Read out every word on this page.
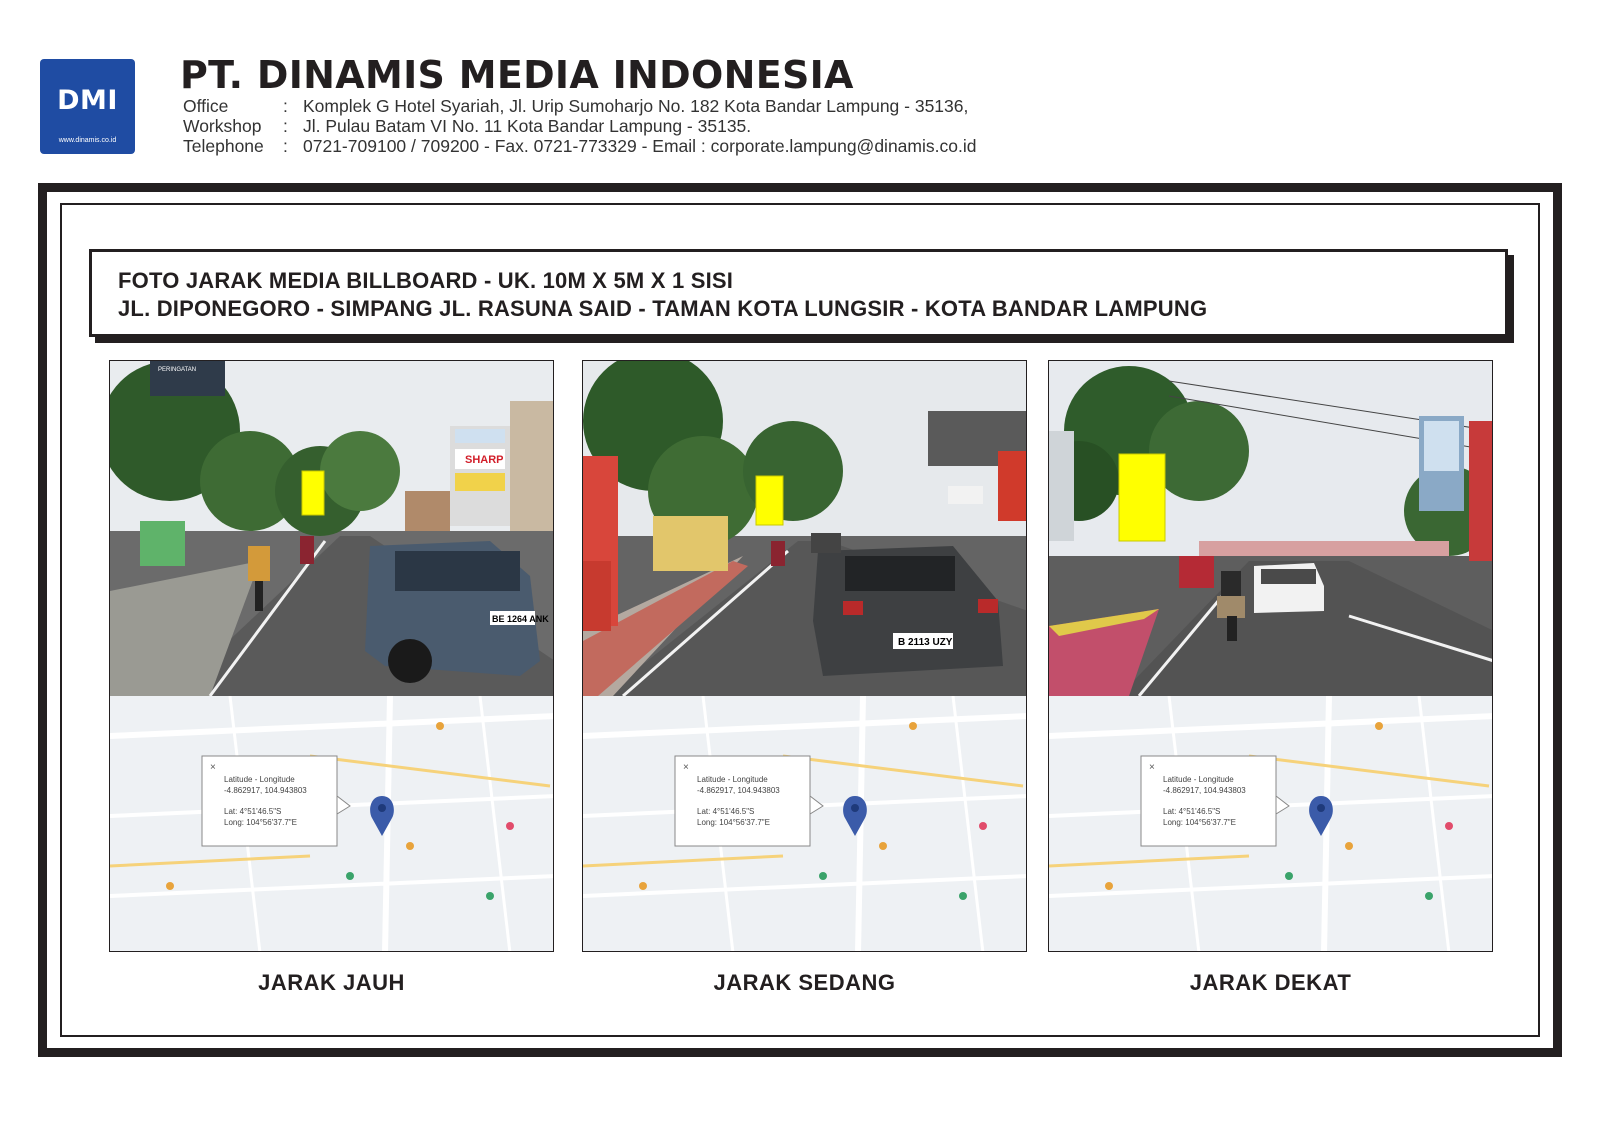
DMI
www.dinamis.co.id
PT. DINAMIS MEDIA INDONESIA
Office	: Komplek G Hotel Syariah, Jl. Urip Sumoharjo No. 182 Kota Bandar Lampung - 35136,
Workshop	: Jl. Pulau Batam VI No. 11 Kota Bandar Lampung - 35135.
Telephone	: 0721-709100 / 709200 - Fax. 0721-773329 - Email : corporate.lampung@dinamis.co.id
FOTO JARAK MEDIA BILLBOARD - UK. 10M X 5M X 1 SISI
JL. DIPONEGORO - SIMPANG JL. RASUNA SAID - TAMAN KOTA LUNGSIR - KOTA BANDAR LAMPUNG
SHARP
PERINGATAN
BE 1264 ANK
×
Latitude - Longitude
-4.862917, 104.943803
Lat: 4°51'46.5"S
Long: 104°56'37.7"E
JARAK JAUH
B 2113 UZY
×
Latitude - Longitude
-4.862917, 104.943803
Lat: 4°51'46.5"S
Long: 104°56'37.7"E
JARAK SEDANG
×
Latitude - Longitude
-4.862917, 104.943803
Lat: 4°51'46.5"S
Long: 104°56'37.7"E
JARAK DEKAT
